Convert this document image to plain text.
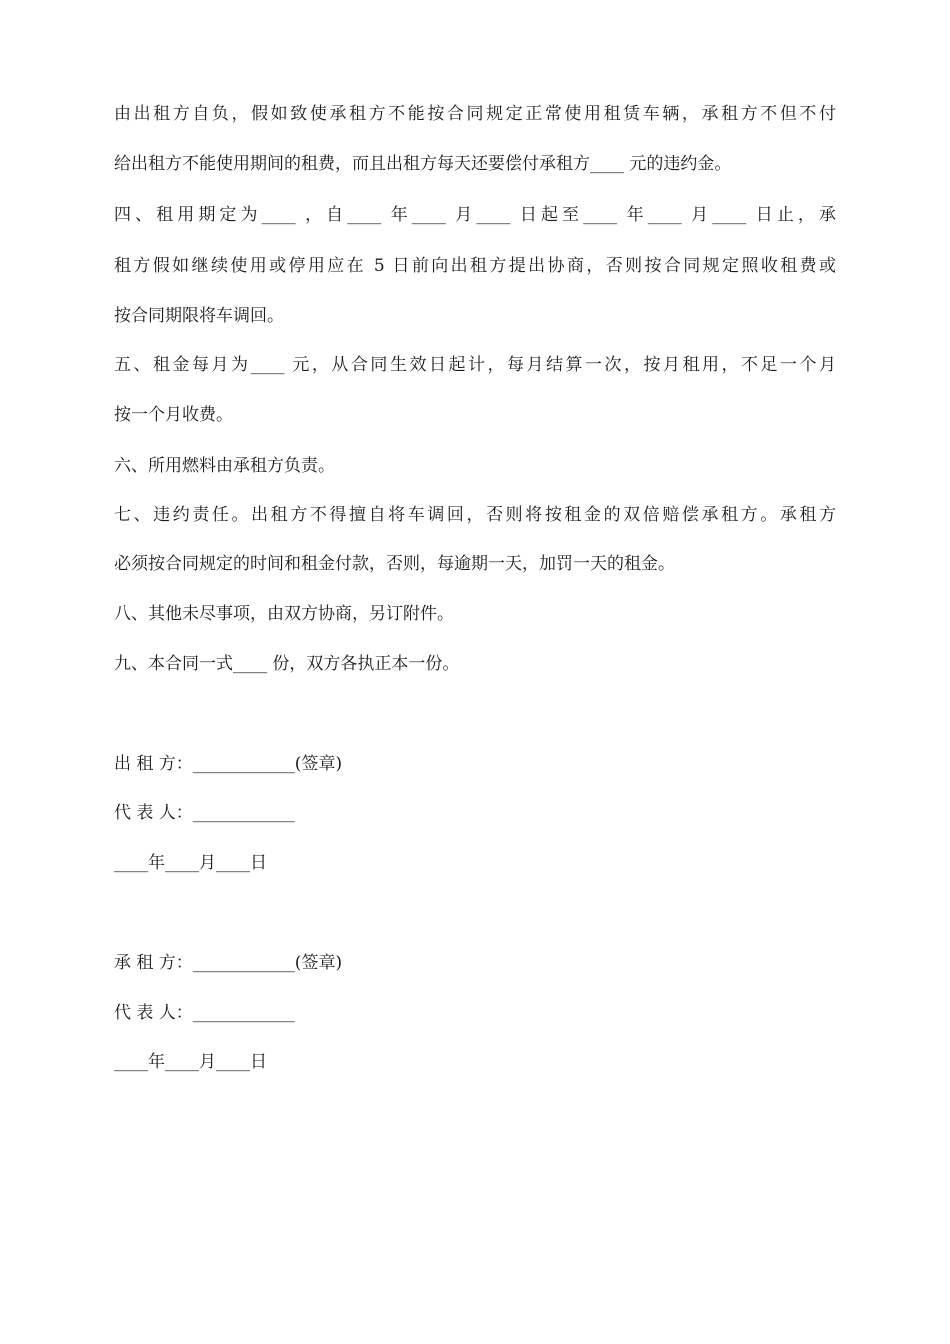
由出租方自负，假如致使承租方不能按合同规定正常使用租赁车辆，承租方不但不付
给出租方不能使用期间的租费，而且出租方每天还要偿付承租方____ 元的违约金。
四、租用期定为____ ，自____ 年____ 月____ 日起至____ 年____ 月____ 日止，承
租方假如继续使用或停用应在 5 日前向出租方提出协商，否则按合同规定照收租费或
按合同期限将车调回。
五、租金每月为____ 元，从合同生效日起计，每月结算一次，按月租用，不足一个月
按一个月收费。
六、所用燃料由承租方负责。
七、违约责任。出租方不得擅自将车调回，否则将按租金的双倍赔偿承租方。承租方
必须按合同规定的时间和租金付款，否则，每逾期一天，加罚一天的租金。
八、其他未尽事项，由双方协商，另订附件。
九、本合同一式____ 份，双方各执正本一份。
出 租 方：____________(签章)
代 表 人：____________
____年____月____日
承 租 方：____________(签章)
代 表 人：____________
____年____月____日
